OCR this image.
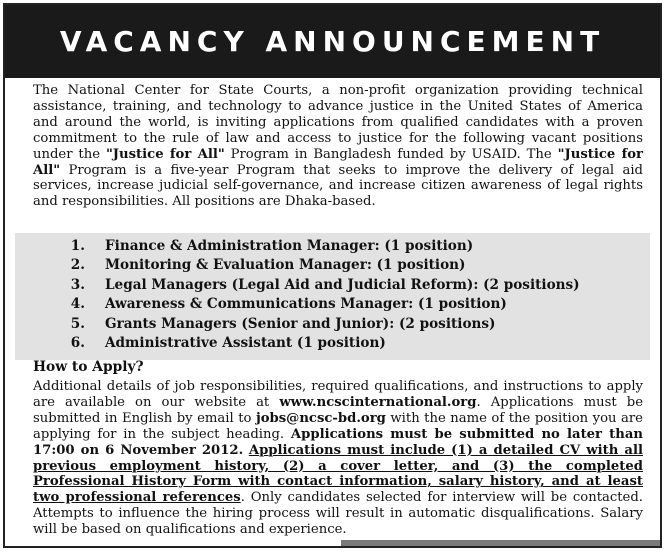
VACANCY ANNOUNCEMENT
The National Center for State Courts, a non-profit organization providing technical assistance, training, and technology to advance justice in the United States of America and around the world, is inviting applications from qualified candidates with a proven commitment to the rule of law and access to justice for the following vacant positions under the "Justice for All" Program in Bangladesh funded by USAID. The "Justice for All" Program is a five-year Program that seeks to improve the delivery of legal aid services, increase judicial self-governance, and increase citizen awareness of legal rights and responsibilities. All positions are Dhaka-based.
1.	Finance & Administration Manager: (1 position)
2.	Monitoring & Evaluation Manager: (1 position)
3.	Legal Managers (Legal Aid and Judicial Reform): (2 positions)
4.	Awareness & Communications Manager: (1 position)
5.	Grants Managers (Senior and Junior): (2 positions)
6.	Administrative Assistant (1 position)
How to Apply?
Additional details of job responsibilities, required qualifications, and instructions to apply are available on our website at www.ncscinternational.org. Applications must be submitted in English by email to jobs@ncsc-bd.org with the name of the position you are applying for in the subject heading. Applications must be submitted no later than 17:00 on 6 November 2012. Applications must include (1) a detailed CV with all previous employment history, (2) a cover letter, and (3) the completed Professional History Form with contact information, salary history, and at least two professional references. Only candidates selected for interview will be contacted. Attempts to influence the hiring process will result in automatic disqualifications. Salary will be based on qualifications and experience.
